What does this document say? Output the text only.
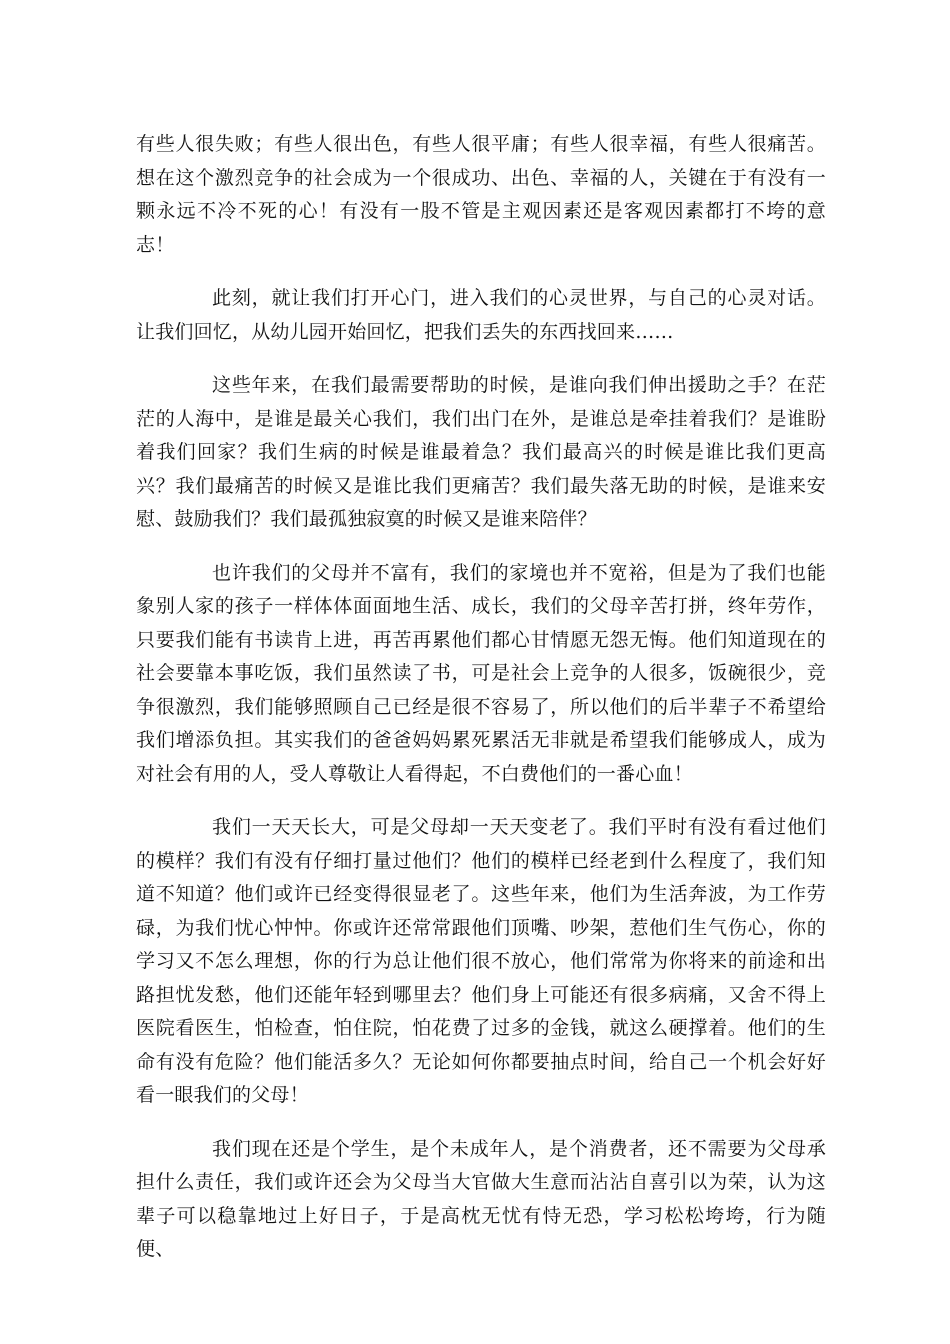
有些人很失败；有些人很出色，有些人很平庸；有些人很幸福，有些人很痛苦。想在这个激烈竞争的社会成为一个很成功、出色、幸福的人，关键在于有没有一颗永远不冷不死的心！有没有一股不管是主观因素还是客观因素都打不垮的意志！

此刻，就让我们打开心门，进入我们的心灵世界，与自己的心灵对话。让我们回忆，从幼儿园开始回忆，把我们丢失的东西找回来……

这些年来，在我们最需要帮助的时候，是谁向我们伸出援助之手？在茫茫的人海中，是谁是最关心我们，我们出门在外，是谁总是牵挂着我们？是谁盼着我们回家？我们生病的时候是谁最着急？我们最高兴的时候是谁比我们更高兴？我们最痛苦的时候又是谁比我们更痛苦？我们最失落无助的时候，是谁来安慰、鼓励我们？我们最孤独寂寞的时候又是谁来陪伴？

也许我们的父母并不富有，我们的家境也并不宽裕，但是为了我们也能象别人家的孩子一样体体面面地生活、成长，我们的父母辛苦打拼，终年劳作，只要我们能有书读肯上进，再苦再累他们都心甘情愿无怨无悔。他们知道现在的社会要靠本事吃饭，我们虽然读了书，可是社会上竞争的人很多，饭碗很少，竞争很激烈，我们能够照顾自己已经是很不容易了，所以他们的后半辈子不希望给我们增添负担。其实我们的爸爸妈妈累死累活无非就是希望我们能够成人，成为对社会有用的人，受人尊敬让人看得起，不白费他们的一番心血！

我们一天天长大，可是父母却一天天变老了。我们平时有没有看过他们的模样？我们有没有仔细打量过他们？他们的模样已经老到什么程度了，我们知道不知道？他们或许已经变得很显老了。这些年来，他们为生活奔波，为工作劳碌，为我们忧心忡忡。你或许还常常跟他们顶嘴、吵架，惹他们生气伤心，你的学习又不怎么理想，你的行为总让他们很不放心，他们常常为你将来的前途和出路担忧发愁，他们还能年轻到哪里去？他们身上可能还有很多病痛，又舍不得上医院看医生，怕检查，怕住院，怕花费了过多的金钱，就这么硬撑着。他们的生命有没有危险？他们能活多久？无论如何你都要抽点时间，给自己一个机会好好看一眼我们的父母！

我们现在还是个学生，是个未成年人，是个消费者，还不需要为父母承担什么责任，我们或许还会为父母当大官做大生意而沾沾自喜引以为荣，认为这辈子可以稳靠地过上好日子，于是高枕无忧有恃无恐，学习松松垮垮，行为随便、
